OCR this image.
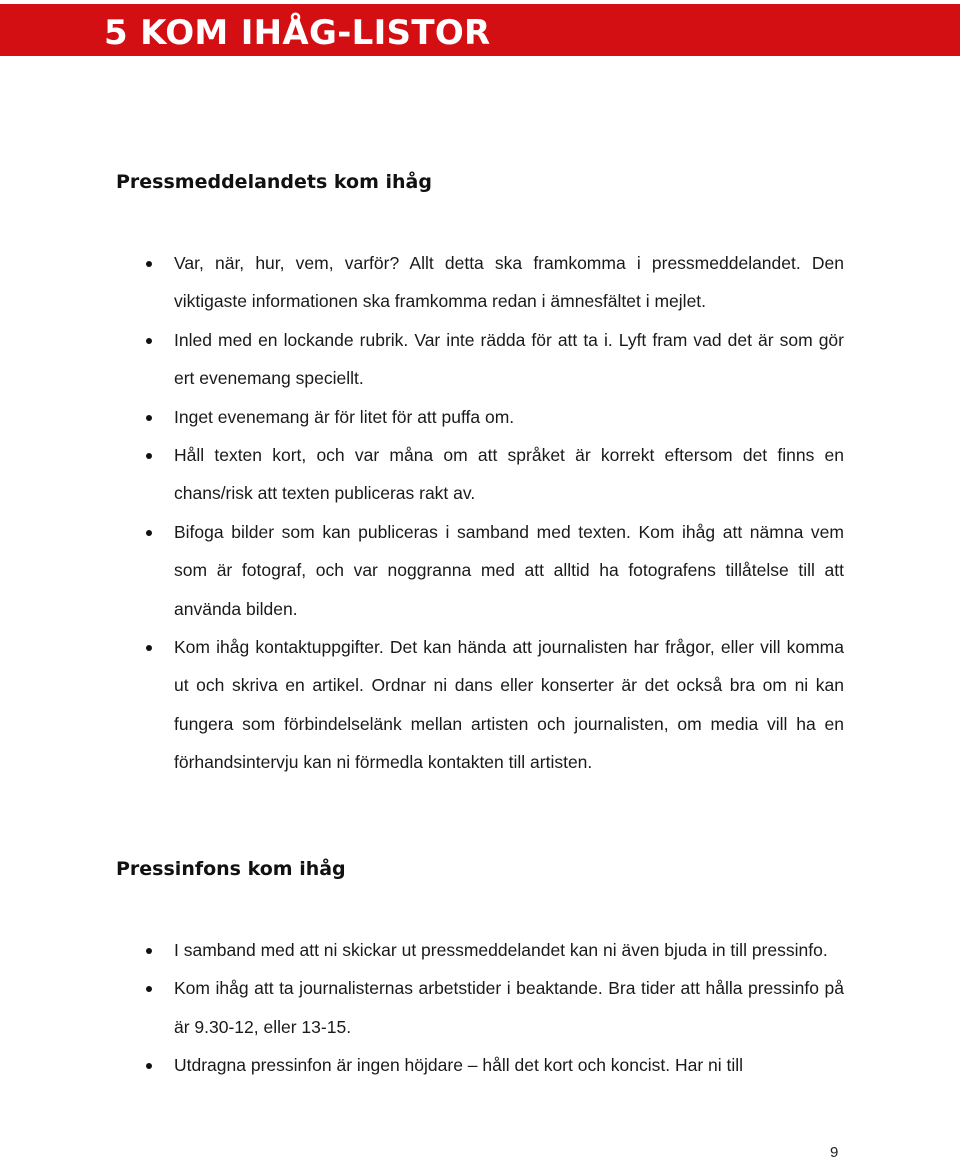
5 KOM IHÅG-LISTOR
Pressmeddelandets kom ihåg
Var, när, hur, vem, varför? Allt detta ska framkomma i pressmeddelandet. Den viktigaste informationen ska framkomma redan i ämnesfältet i mejlet.
Inled med en lockande rubrik. Var inte rädda för att ta i. Lyft fram vad det är som gör ert evenemang speciellt.
Inget evenemang är för litet för att puffa om.
Håll texten kort, och var måna om att språket är korrekt eftersom det finns en chans/risk att texten publiceras rakt av.
Bifoga bilder som kan publiceras i samband med texten. Kom ihåg att nämna vem som är fotograf, och var noggranna med att alltid ha fotografens tillåtelse till att använda bilden.
Kom ihåg kontaktuppgifter. Det kan hända att journalisten har frågor, eller vill komma ut och skriva en artikel. Ordnar ni dans eller konserter är det också bra om ni kan fungera som förbindelselänk mellan artisten och journalisten, om media vill ha en förhandsintervju kan ni förmedla kontakten till artisten.
Pressinfons kom ihåg
I samband med att ni skickar ut pressmeddelandet kan ni även bjuda in till pressinfo.
Kom ihåg att ta journalisternas arbetstider i beaktande. Bra tider att hålla pressinfo på är 9.30-12, eller 13-15.
Utdragna pressinfon är ingen höjdare – håll det kort och koncist. Har ni till

9
